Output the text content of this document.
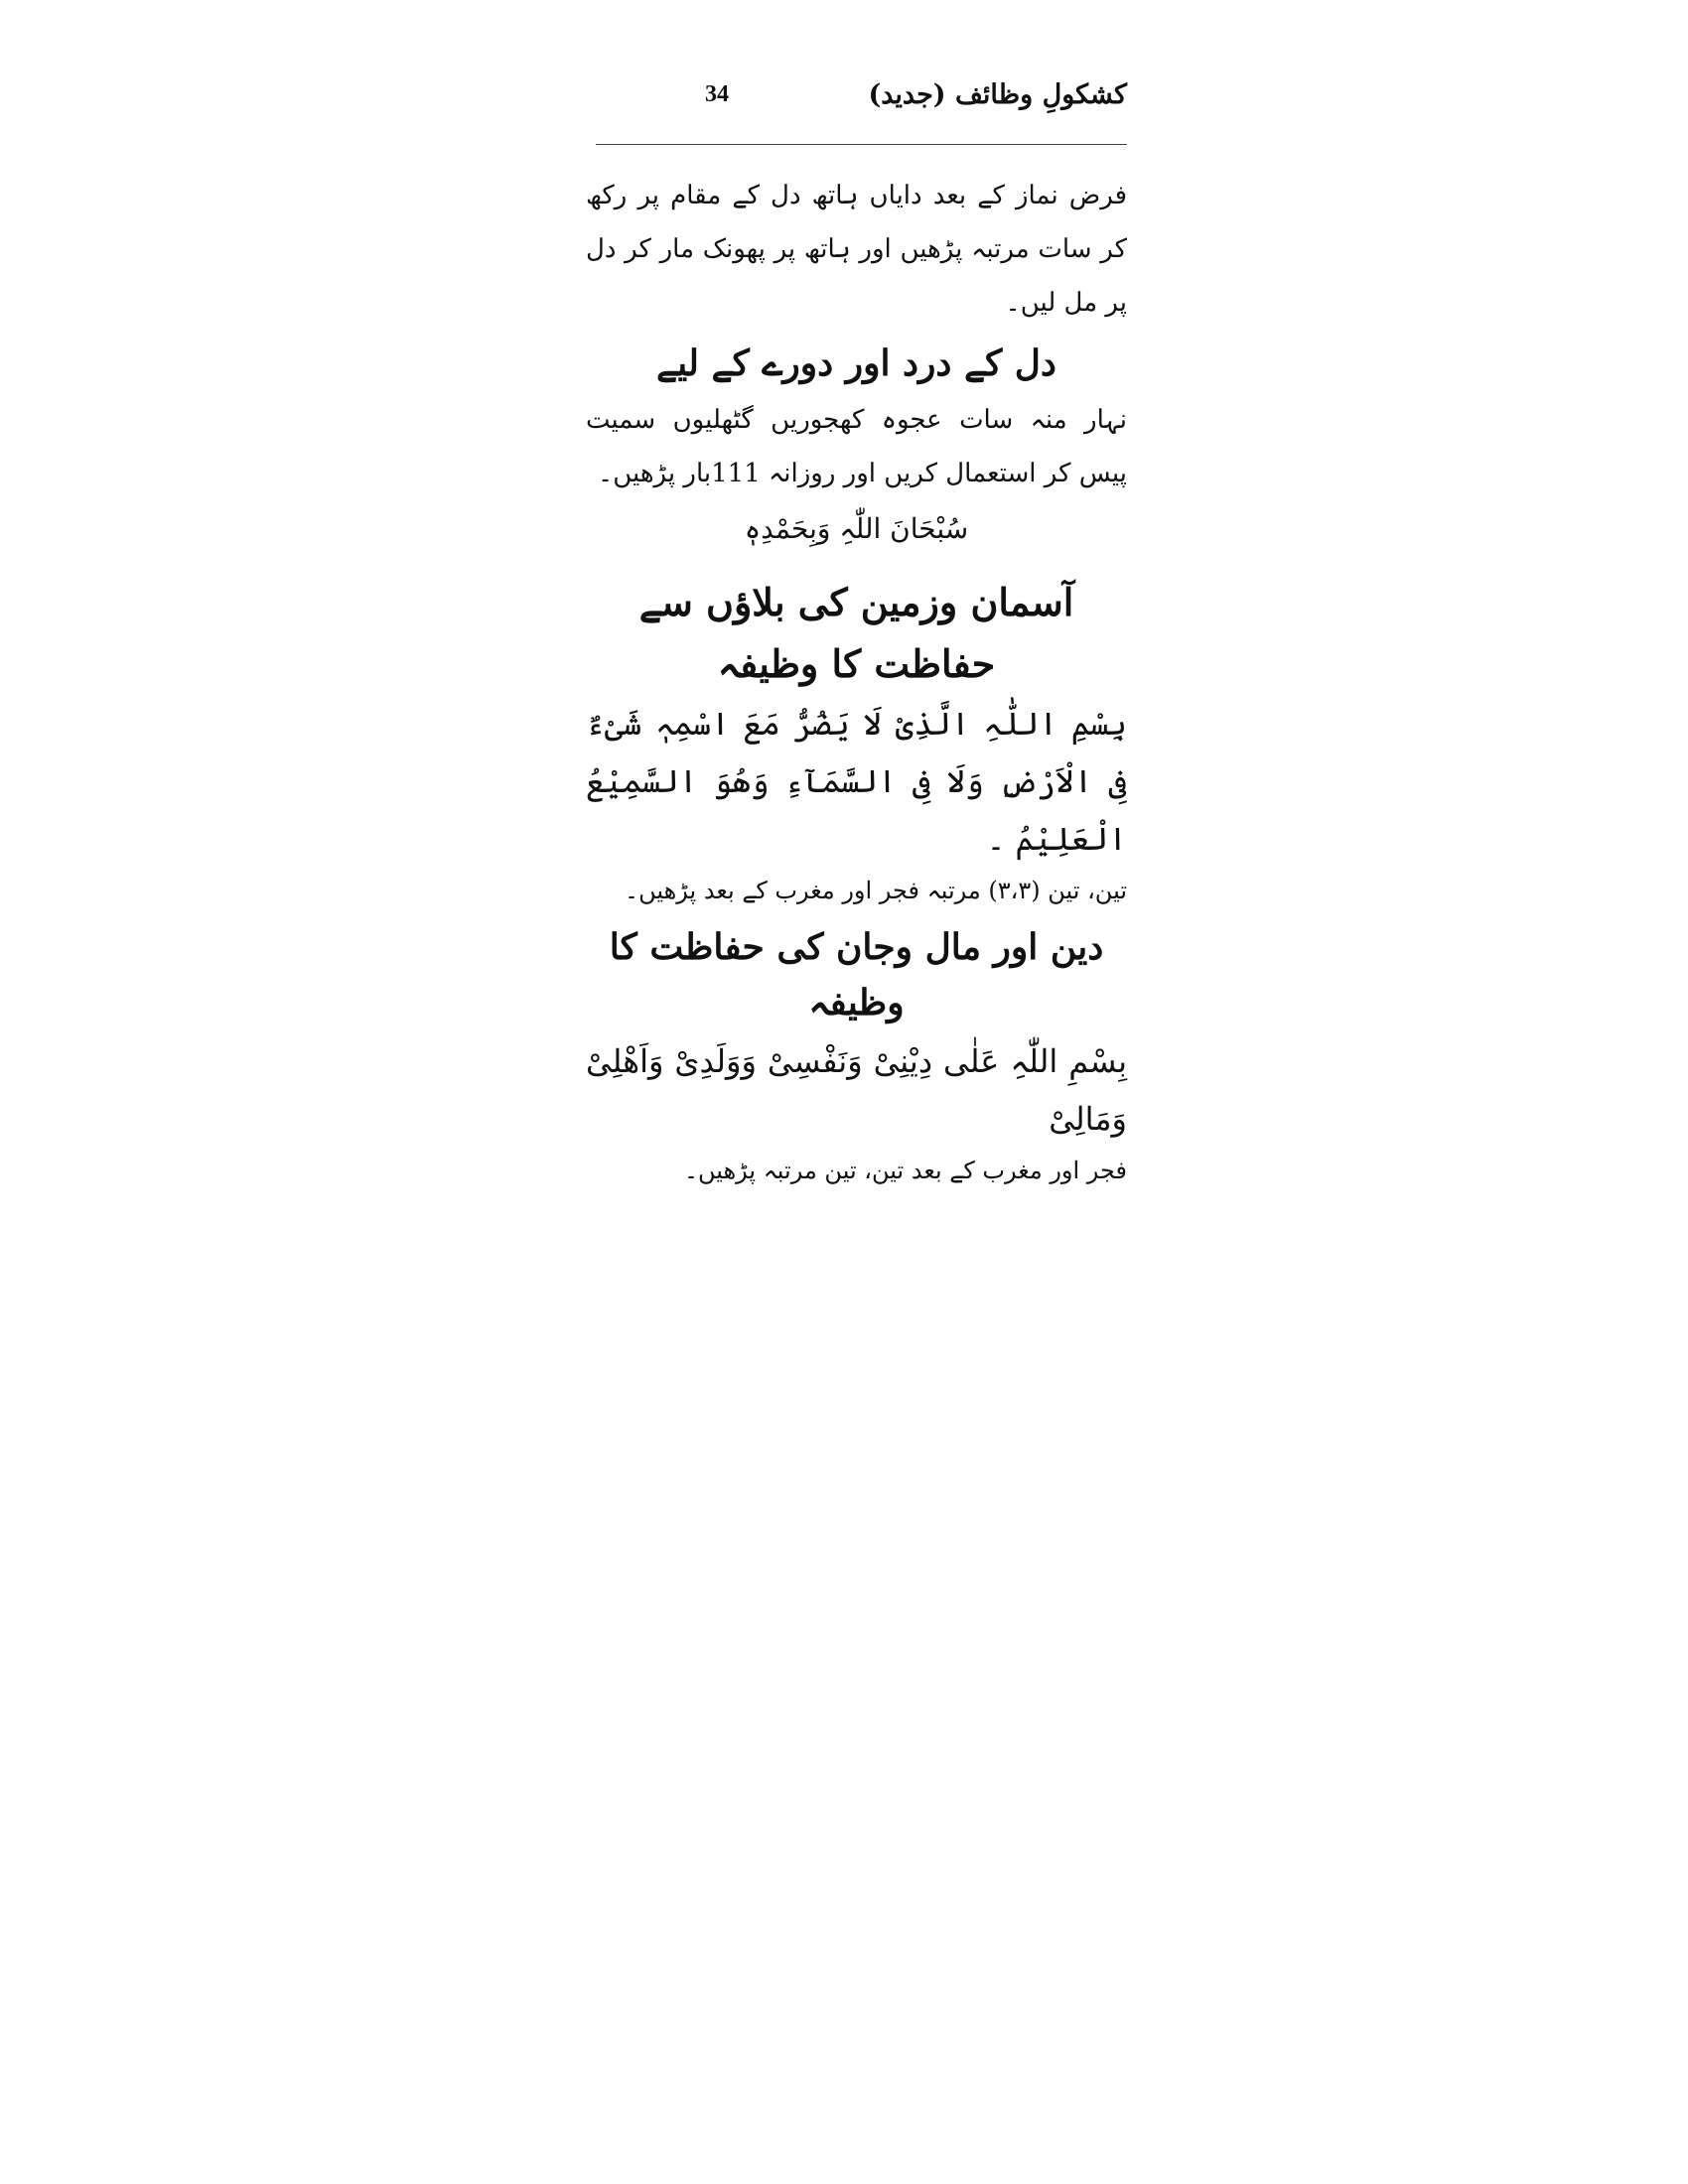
کشکولِ وظائف (جدید)
34

فرض نماز کے بعد دایاں ہاتھ دل کے مقام پر رکھ کر سات مرتبہ پڑھیں اور ہاتھ پر پھونک مار کر دل پر مل لیں۔

دل کے درد اور دورے کے لیے

نہار منہ سات عجوہ کھجوریں گٹھلیوں سمیت پیس کر استعمال کریں اور روزانہ 111بار پڑھیں۔

سُبْحَانَ اللّٰہِ وَبِحَمْدِہٖ

آسمان وزمین کی بلاؤں سے حفاظت کا وظیفہ

بِسْمِ اللّٰہِ الَّذِیْ لَا یَضُرُّ مَعَ اسْمِہٖ شَیْءٌ فِی الْاَرْضِ وَلَا فِی السَّمَآءِ وَھُوَ السَّمِیْعُ الْعَلِیْمُ ۔

تین، تین (۳،۳) مرتبہ فجر اور مغرب کے بعد پڑھیں۔

دین اور مال وجان کی حفاظت کا وظیفہ

بِسْمِ اللّٰہِ عَلٰی دِیْنِیْ وَنَفْسِیْ وَوَلَدِیْ وَاَھْلِیْ وَمَالِیْ

فجر اور مغرب کے بعد تین، تین مرتبہ پڑھیں۔
